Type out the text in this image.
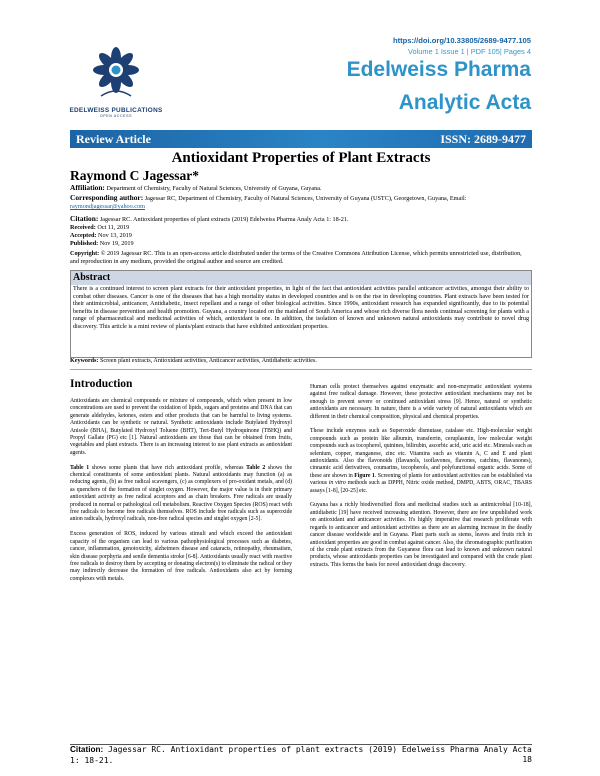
EDELWEISS PUBLICATIONS
OPEN ACCESS
https://doi.org/10.33805/2689-9477.105
Volume 1 Issue 1 | PDF 105| Pages 4
Edelweiss Pharma
Analytic Acta
Review Article	ISSN: 2689-9477
Antioxidant Properties of Plant Extracts
Raymond C Jagessar*
Affiliation: Department of Chemistry, Faculty of Natural Sciences, University of Guyana, Guyana.
Corresponding author: Jagessar RC, Department of Chemistry, Faculty of Natural Sciences, University of Guyana (USTC), Georgetown, Guyana, Email: raymondjagessar@yahoo.com
Citation: Jagessar RC. Antioxidant properties of plant extracts (2019) Edelweiss Pharma Analy Acta 1: 18-21.
Received: Oct 11, 2019
Accepted: Nov 13, 2019
Published: Nov 19, 2019
Copyright: © 2019 Jagessar RC. This is an open-access article distributed under the terms of the Creative Commons Attribution License, which permits unrestricted use, distribution, and reproduction in any medium, provided the original author and source are credited.
Abstract
There is a continued interest to screen plant extracts for their antioxidant properties, in light of the fact that antioxidant activities parallel anticancer activities, amongst their ability to combat other diseases. Cancer is one of the diseases that has a high mortality status in developed countries and is on the rise in developing countries. Plant extracts have been tested for their antimicrobial, anticancer, Antidiabetic, insect repellant and a range of other biological activities. Since 1990s, antioxidant research has expanded significantly, due to its potential benefits in disease prevention and health promotion. Guyana, a country located on the mainland of South America and whose rich diverse flora needs continual screening for plants with a range of pharmaceutical and medicinal activities of which, antioxidant is one. In addition, the isolation of known and unknown natural antioxidants may contribute to novel drug discovery. This article is a mini review of plants/plant extracts that have exhibited antioxidant properties.
Keywords: Screen plant extracts, Antioxidant activities, Anticancer activities, Antidiabetic activities.
Introduction

Antioxidants are chemical compounds or mixture of compounds, which when present in low concentrations are used to prevent the oxidation of lipids, sugars and proteins and DNA that can generate aldehydes, ketones, esters and other products that can be harmful to living systems. Antioxidants can be synthetic or natural. Synthetic antioxidants include Butylated Hydroxyl Anisole (BHA), Butylated Hydroxyl Toluene (BHT), Tert-Butyl Hydroquinone (TBHQ) and Propyl Gallate (PG) etc [1]. Natural antioxidants are those that can be obtained from fruits, vegetables and plant extracts. There is an increasing interest to use plant extracts as antioxidant agents.

Table 1 shows some plants that have rich antioxidant profile, whereas Table 2 shows the chemical constituents of some antioxidant plants. Natural antioxidants may function (a) as reducing agents, (b) as free radical scavengers, (c) as complexers of pro-oxidant metals, and (d) as quenchers of the formation of singlet oxygen. However, the major value is in their primary antioxidant activity as free radical acceptors and as chain breakers. Free radicals are usually produced in normal or pathological cell metabolism. Reactive Oxygen Species (ROS) react with free radicals to become free radicals themselves. ROS include free radicals such as superoxide anion radicals, hydroxyl radicals, non-free radical species and singlet oxygen [2-5].

Excess generation of ROS, induced by various stimuli and which exceed the antioxidant capacity of the organism can lead to various pathophysiological processes such as diabetes, cancer, inflammation, genotoxicity, alzheimers disease and cataracts, retinopathy, rheumatism, skin disease porphyria and senile dementia stroke [6-8]. Antioxidants usually react with reactive free radicals to destroy them by accepting or donating electron(s) to eliminate the radical or they may indirectly decrease the formation of free radicals. Antioxidants also act by forming complexes with metals.

Human cells protect themselves against enzymatic and non-enzymatic antioxidant systems against free radical damage. However, these protective antioxidant mechanisms may not be enough to prevent severe or continued antioxidant stress [9]. Hence, natural or synthetic antioxidants are necessary. In nature, there is a wide variety of natural antioxidants which are different in their chemical composition, physical and chemical properties.

These include enzymes such as Superoxide dismutase, catalase etc. High-molecular weight compounds such as protein like albumin, transferrin, ceruplasmin, low molecular weight compounds such as tocopherol, quinines, bilirubin, ascorbic acid, uric acid etc. Minerals such as selenium, copper, manganese, zinc etc. Vitamins such as vitamin A, C and E and plant antioxidants. Also the flavonoids (flavanols, isoflavones, flavones, catchins, flavanones), cinnamic acid derivatives, coumarins, tocopherols, and polyfunctional organic acids. Some of these are shown in Figure 1. Screening of plants for antioxidant activities can be established via various in vitro methods such as DPPH, Nitric oxide method, DMPD, ABTS, ORAC, TBARS assays [1-8], [20-25] etc.

Guyana has a richly biodiversified flora and medicinal studies such as antimicrobial [10-18], antidiabetic [19] have received increasing attention. However, there are few unpublished work on antioxidant and anticancer activities. It's highly imperative that research proliferate with regards to anticancer and antioxidant activities as there are an alarming increase in the deadly cancer disease worldwide and in Guyana. Plant parts such as stems, leaves and fruits rich in antioxidant properties are good in combat against cancer. Also, the chromatographic purification of the crude plant extracts from the Guyanese flora can lead to known and unknown natural products, whose antioxidants properties can be investigated and compared with the crude plant extracts. This forms the basis for novel antioxidant drugs discovery.

Citation: Jagessar RC. Antioxidant properties of plant extracts (2019) Edelweiss Pharma Analy Acta 1: 18-21.	18
